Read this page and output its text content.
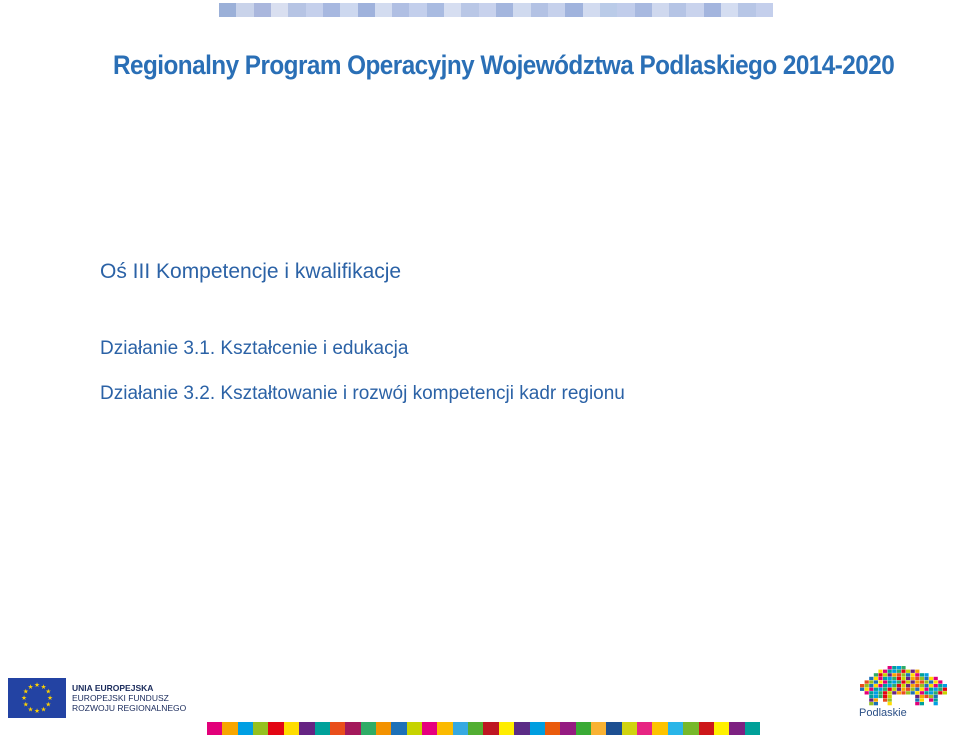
Regionalny Program Operacyjny Województwa Podlaskiego 2014-2020
Oś III Kompetencje i kwalifikacje
Działanie 3.1. Kształcenie i edukacja
Działanie 3.2. Kształtowanie i rozwój kompetencji kadr regionu
★ ★
★
★
★
★
★
★
★
★
★
★	UNIA EUROPEJSKA
EUROPEJSKI FUNDUSZ
ROZWOJU REGIONALNEGO	Podlaskie
